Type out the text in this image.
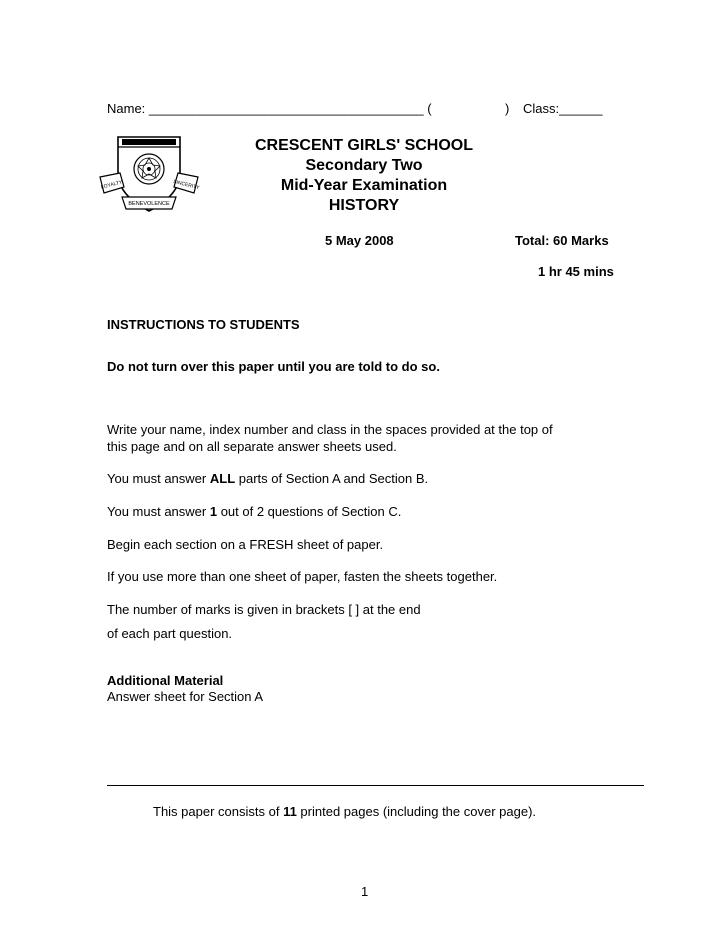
Name: ______________________________________ (	) Class:______
LOYALTY	SINCERITY
BENEVOLENCE
CRESCENT GIRLS' SCHOOL
Secondary Two
Mid-Year Examination
HISTORY
5 May 2008	Total: 60 Marks
1 hr 45 mins
INSTRUCTIONS TO STUDENTS
Do not turn over this paper until you are told to do so.
Write your name, index number and class in the spaces provided at the top of
this page and on all separate answer sheets used.
You must answer ALL parts of Section A and Section B.
You must answer 1 out of 2 questions of Section C.
Begin each section on a FRESH sheet of paper.
If you use more than one sheet of paper, fasten the sheets together.
The number of marks is given in brackets [ ] at the end
of each part question.
Additional Material
Answer sheet for Section A
This paper consists of 11 printed pages (including the cover page).
1
